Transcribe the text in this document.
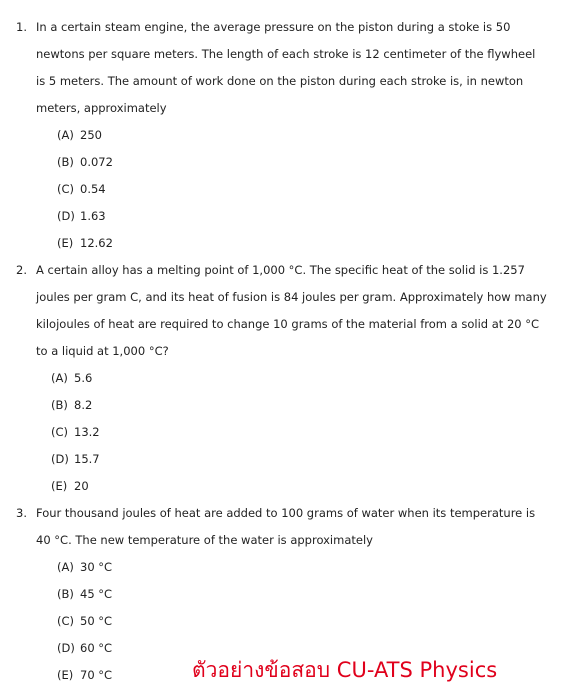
1. In a certain steam engine, the average pressure on the piston during a stoke is 50
newtons per square meters. The length of each stroke is 12 centimeter of the flywheel
is 5 meters. The amount of work done on the piston during each stroke is, in newton
meters, approximately
(A) 250
(B) 0.072
(C) 0.54
(D) 1.63
(E) 12.62
2. A certain alloy has a melting point of 1,000 °C. The specific heat of the solid is 1.257
joules per gram C, and its heat of fusion is 84 joules per gram. Approximately how many
kilojoules of heat are required to change 10 grams of the material from a solid at 20 °C
to a liquid at 1,000 °C?
(A) 5.6
(B) 8.2
(C) 13.2
(D) 15.7
(E) 20
3. Four thousand joules of heat are added to 100 grams of water when its temperature is
40 °C. The new temperature of the water is approximately
(A) 30 °C
(B) 45 °C
(C) 50 °C
(D) 60 °C
(E) 70 °C	ตัวอย่างข้อสอบ CU-ATS Physics
